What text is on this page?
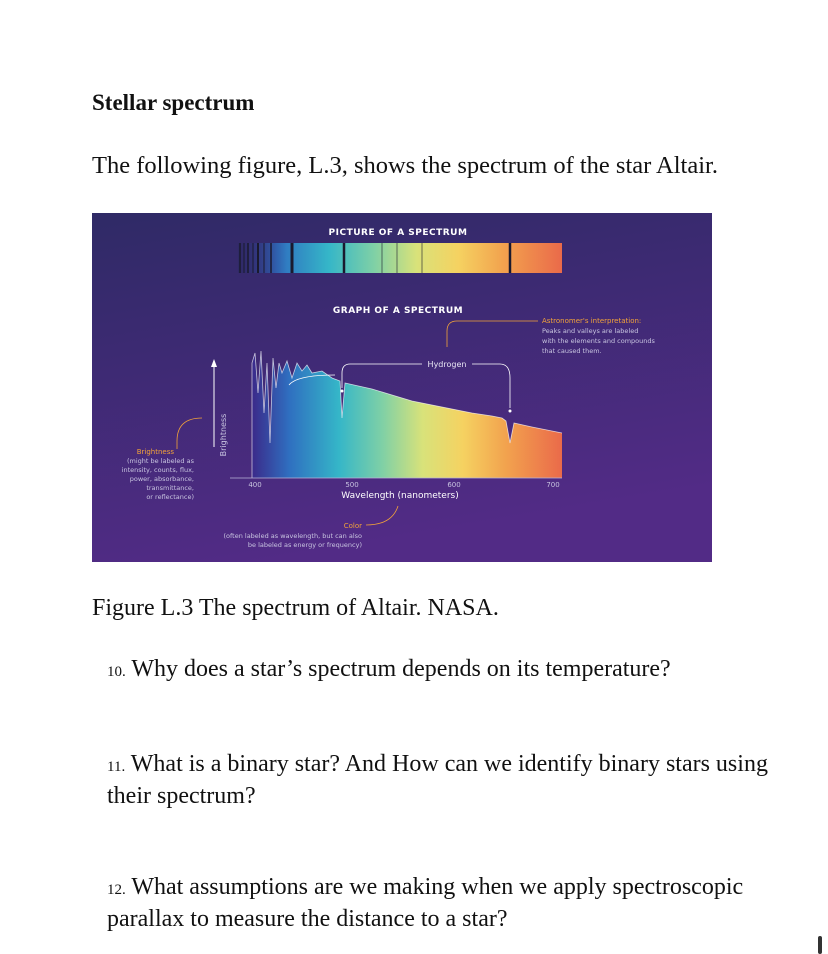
Stellar spectrum

The following figure, L.3, shows the spectrum of the star Altair.

PICTURE OF A SPECTRUM
GRAPH OF A SPECTRUM
Brightness
400	500	600	700
Wavelength (nanometers)
Hydrogen
Astronomer's interpretation:
Peaks and valleys are labeled
with the elements and compounds
that caused them.
Brightness
(might be labeled as
intensity, counts, flux,
power, absorbance,
transmittance,
or reflectance)
Color
(often labeled as wavelength, but can also
be labeled as energy or frequency)

Figure L.3 The spectrum of Altair. NASA.

10. Why does a star’s spectrum depends on its temperature?

11. What is a binary star? And How can we identify binary stars using their spectrum?

12. What assumptions are we making when we apply spectroscopic parallax to measure the distance to a star?
